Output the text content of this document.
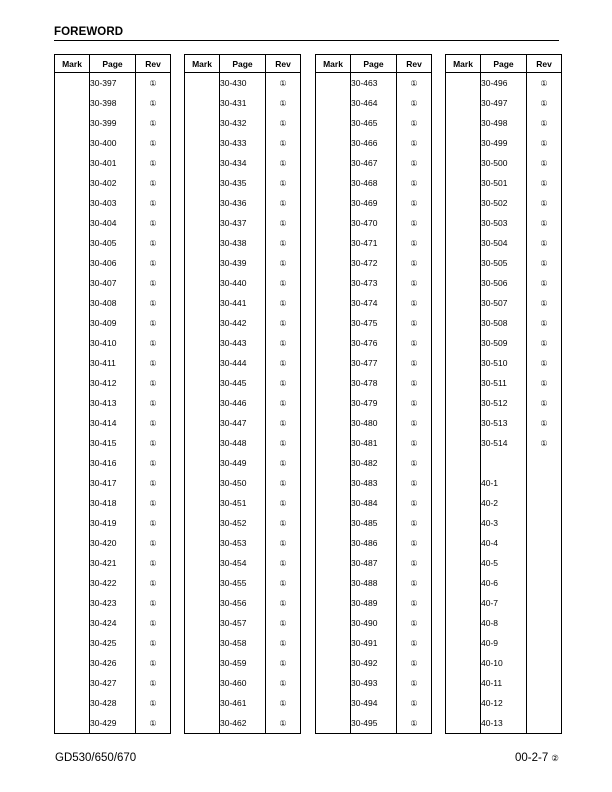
FOREWORD
Mark	Page	Rev
	30-397	①
	30-398	①
	30-399	①
	30-400	①
	30-401	①
	30-402	①
	30-403	①
	30-404	①
	30-405	①
	30-406	①
	30-407	①
	30-408	①
	30-409	①
	30-410	①
	30-411	①
	30-412	①
	30-413	①
	30-414	①
	30-415	①
	30-416	①
	30-417	①
	30-418	①
	30-419	①
	30-420	①
	30-421	①
	30-422	①
	30-423	①
	30-424	①
	30-425	①
	30-426	①
	30-427	①
	30-428	①
	30-429	①
Mark	Page	Rev
	30-430	①
	30-431	①
	30-432	①
	30-433	①
	30-434	①
	30-435	①
	30-436	①
	30-437	①
	30-438	①
	30-439	①
	30-440	①
	30-441	①
	30-442	①
	30-443	①
	30-444	①
	30-445	①
	30-446	①
	30-447	①
	30-448	①
	30-449	①
	30-450	①
	30-451	①
	30-452	①
	30-453	①
	30-454	①
	30-455	①
	30-456	①
	30-457	①
	30-458	①
	30-459	①
	30-460	①
	30-461	①
	30-462	①
Mark	Page	Rev
	30-463	①
	30-464	①
	30-465	①
	30-466	①
	30-467	①
	30-468	①
	30-469	①
	30-470	①
	30-471	①
	30-472	①
	30-473	①
	30-474	①
	30-475	①
	30-476	①
	30-477	①
	30-478	①
	30-479	①
	30-480	①
	30-481	①
	30-482	①
	30-483	①
	30-484	①
	30-485	①
	30-486	①
	30-487	①
	30-488	①
	30-489	①
	30-490	①
	30-491	①
	30-492	①
	30-493	①
	30-494	①
	30-495	①
Mark	Page	Rev
	30-496	①
	30-497	①
	30-498	①
	30-499	①
	30-500	①
	30-501	①
	30-502	①
	30-503	①
	30-504	①
	30-505	①
	30-506	①
	30-507	①
	30-508	①
	30-509	①
	30-510	①
	30-511	①
	30-512	①
	30-513	①
	30-514	①

	40-1	
	40-2	
	40-3	
	40-4	
	40-5	
	40-6	
	40-7	
	40-8	
	40-9	
	40-10	
	40-11	
	40-12	
	40-13	
GD530/650/670	00-2-7 ②
